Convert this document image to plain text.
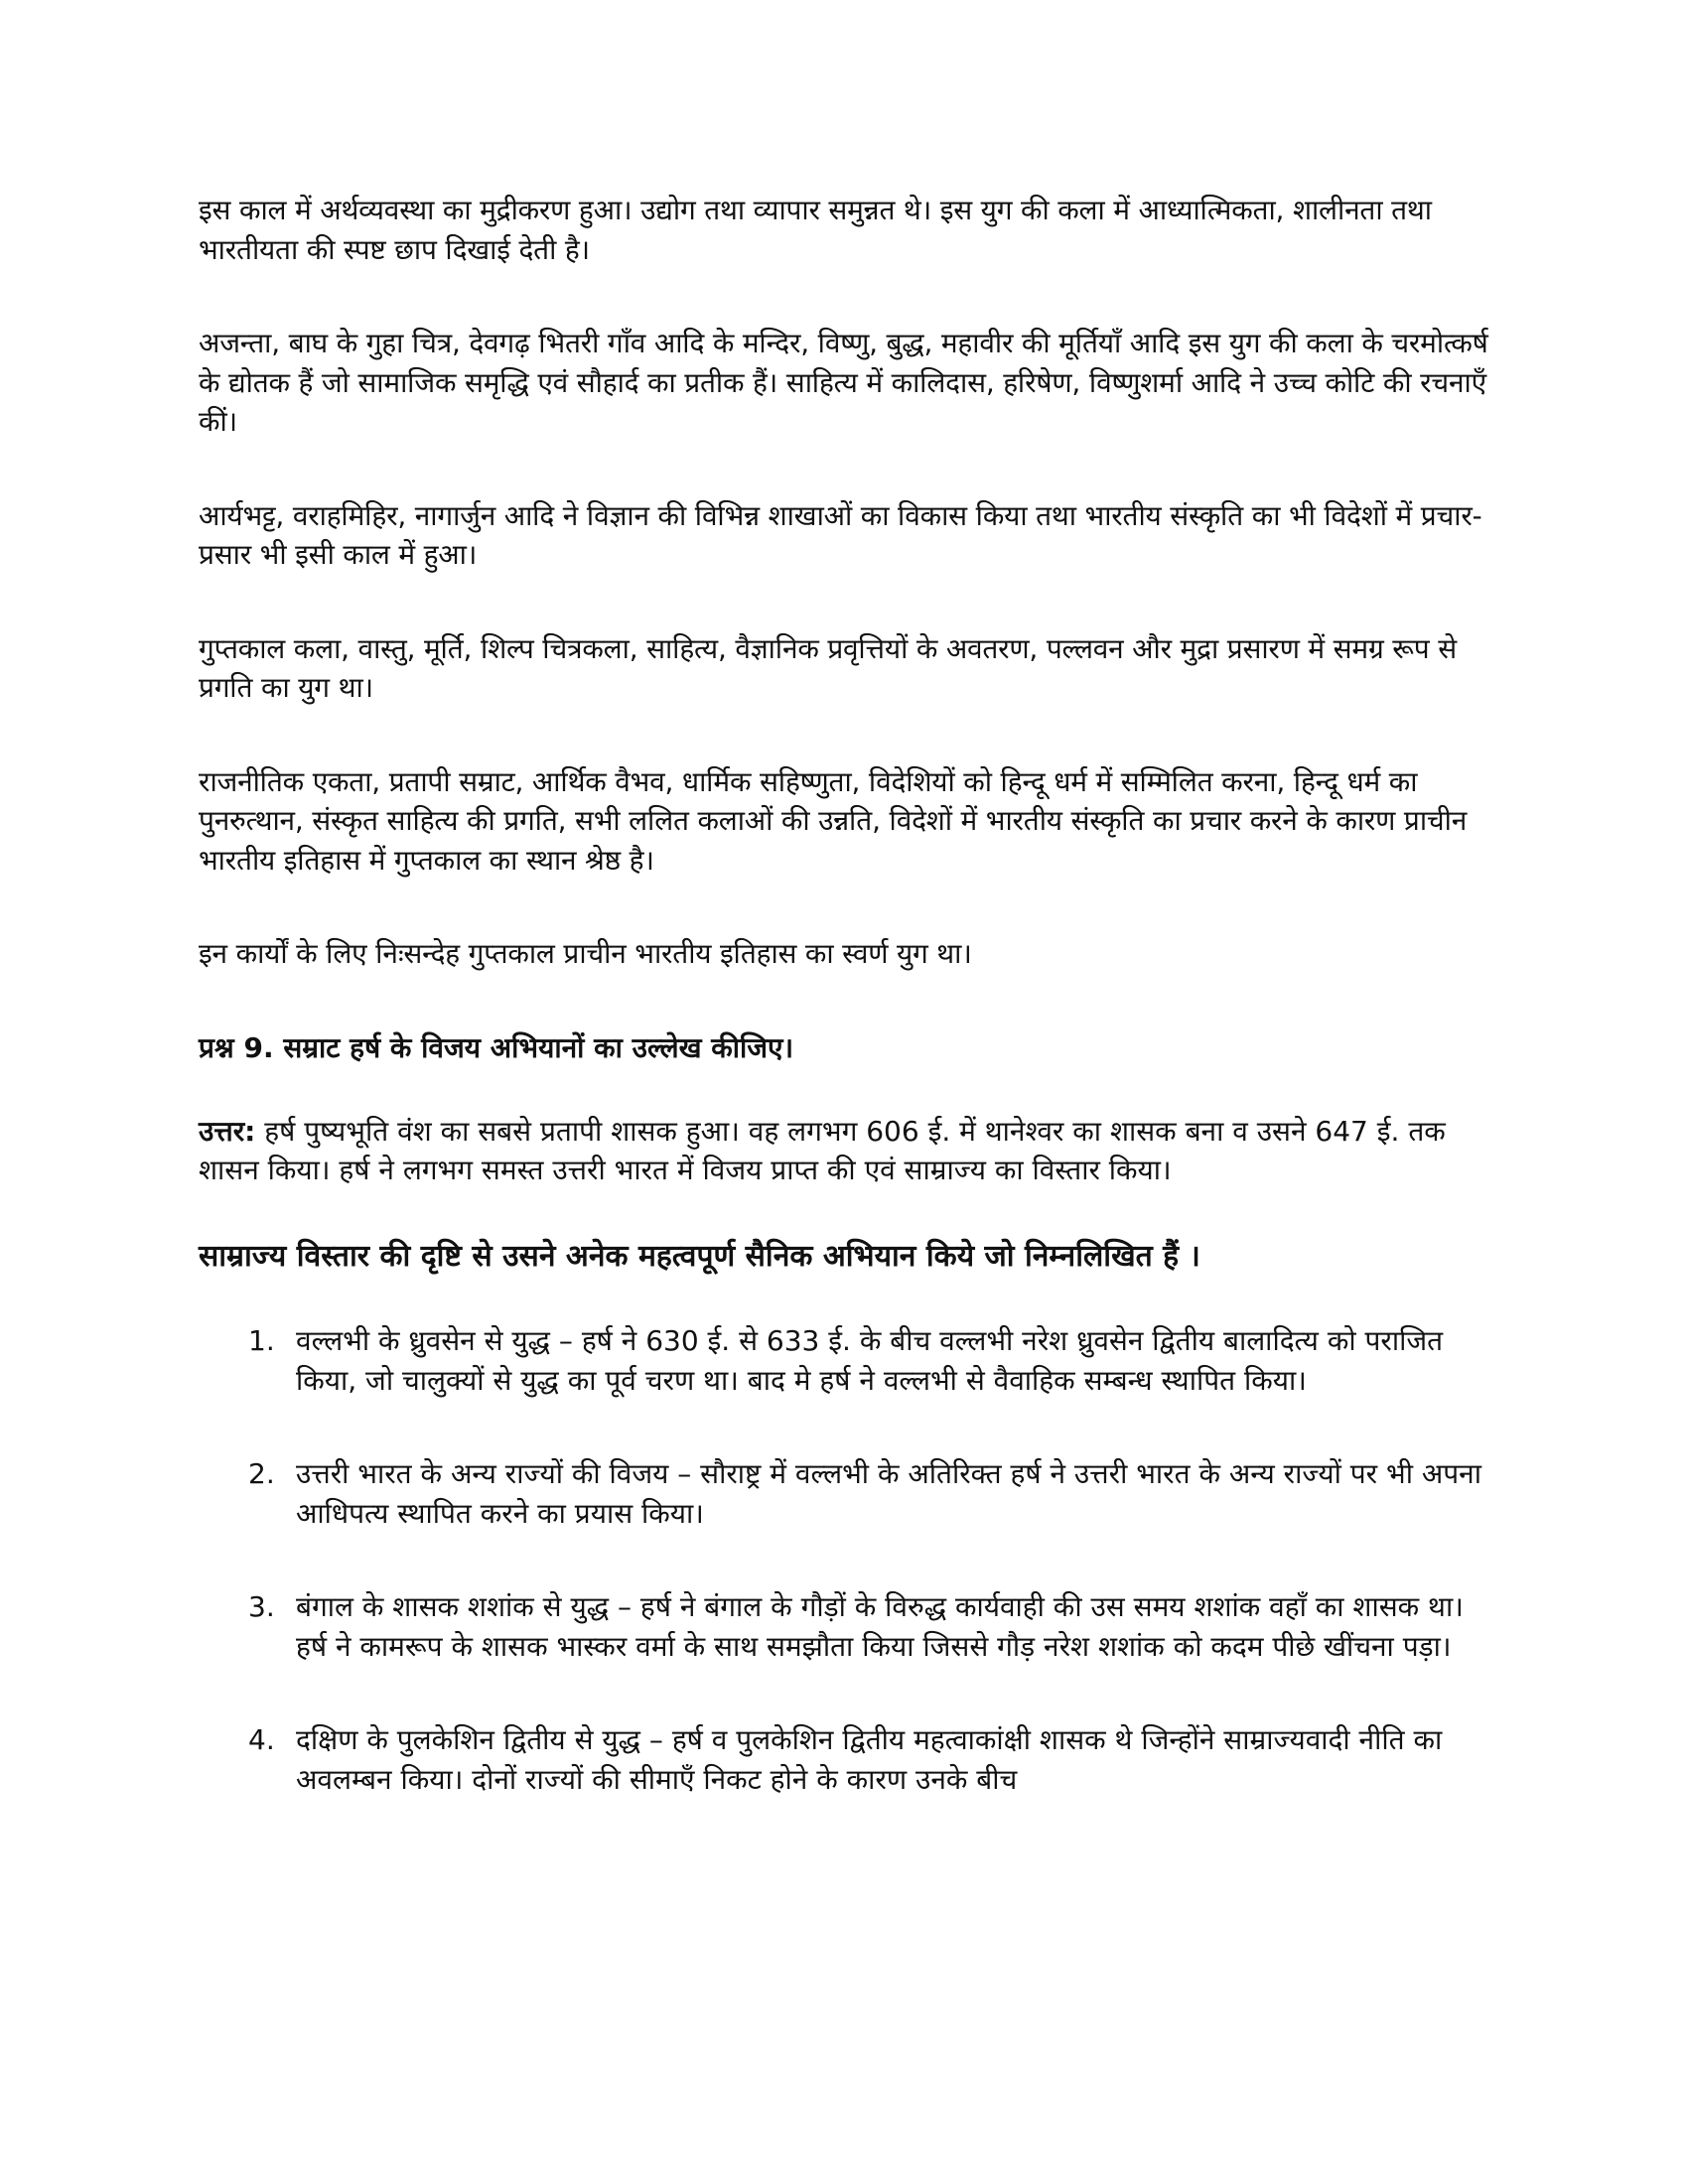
इस काल में अर्थव्यवस्था का मुद्रीकरण हुआ। उद्योग तथा व्यापार समुन्नत थे। इस युग की कला में आध्यात्मिकता, शालीनता तथा भारतीयता की स्पष्ट छाप दिखाई देती है।

अजन्ता, बाघ के गुहा चित्र, देवगढ़ भितरी गाँव आदि के मन्दिर, विष्णु, बुद्ध, महावीर की मूर्तियाँ आदि इस युग की कला के चरमोत्कर्ष के द्योतक हैं जो सामाजिक समृद्धि एवं सौहार्द का प्रतीक हैं। साहित्य में कालिदास, हरिषेण, विष्णुशर्मा आदि ने उच्च कोटि की रचनाएँ कीं।

आर्यभट्ट, वराहमिहिर, नागार्जुन आदि ने विज्ञान की विभिन्न शाखाओं का विकास किया तथा भारतीय संस्कृति का भी विदेशों में प्रचार-प्रसार भी इसी काल में हुआ।

गुप्तकाल कला, वास्तु, मूर्ति, शिल्प चित्रकला, साहित्य, वैज्ञानिक प्रवृत्तियों के अवतरण, पल्लवन और मुद्रा प्रसारण में समग्र रूप से प्रगति का युग था।

राजनीतिक एकता, प्रतापी सम्राट, आर्थिक वैभव, धार्मिक सहिष्णुता, विदेशियों को हिन्दू धर्म में सम्मिलित करना, हिन्दू धर्म का पुनरुत्थान, संस्कृत साहित्य की प्रगति, सभी ललित कलाओं की उन्नति, विदेशों में भारतीय संस्कृति का प्रचार करने के कारण प्राचीन भारतीय इतिहास में गुप्तकाल का स्थान श्रेष्ठ है।

इन कार्यों के लिए निःसन्देह गुप्तकाल प्राचीन भारतीय इतिहास का स्वर्ण युग था।

प्रश्न 9. सम्राट हर्ष के विजय अभियानों का उल्लेख कीजिए।

उत्तर: हर्ष पुष्यभूति वंश का सबसे प्रतापी शासक हुआ। वह लगभग 606 ई. में थानेश्वर का शासक बना व उसने 647 ई. तक शासन किया। हर्ष ने लगभग समस्त उत्तरी भारत में विजय प्राप्त की एवं साम्राज्य का विस्तार किया।

साम्राज्य विस्तार की दृष्टि से उसने अनेक महत्वपूर्ण सैनिक अभियान किये जो निम्नलिखित हैं ।

1. वल्लभी के ध्रुवसेन से युद्ध – हर्ष ने 630 ई. से 633 ई. के बीच वल्लभी नरेश ध्रुवसेन द्वितीय बालादित्य को पराजित किया, जो चालुक्यों से युद्ध का पूर्व चरण था। बाद मे हर्ष ने वल्लभी से वैवाहिक सम्बन्ध स्थापित किया।
2. उत्तरी भारत के अन्य राज्यों की विजय – सौराष्ट्र में वल्लभी के अतिरिक्त हर्ष ने उत्तरी भारत के अन्य राज्यों पर भी अपना आधिपत्य स्थापित करने का प्रयास किया।
3. बंगाल के शासक शशांक से युद्ध – हर्ष ने बंगाल के गौड़ों के विरुद्ध कार्यवाही की उस समय शशांक वहाँ का शासक था। हर्ष ने कामरूप के शासक भास्कर वर्मा के साथ समझौता किया जिससे गौड़ नरेश शशांक को कदम पीछे खींचना पड़ा।
4. दक्षिण के पुलकेशिन द्वितीय से युद्ध – हर्ष व पुलकेशिन द्वितीय महत्वाकांक्षी शासक थे जिन्होंने साम्राज्यवादी नीति का अवलम्बन किया। दोनों राज्यों की सीमाएँ निकट होने के कारण उनके बीच
